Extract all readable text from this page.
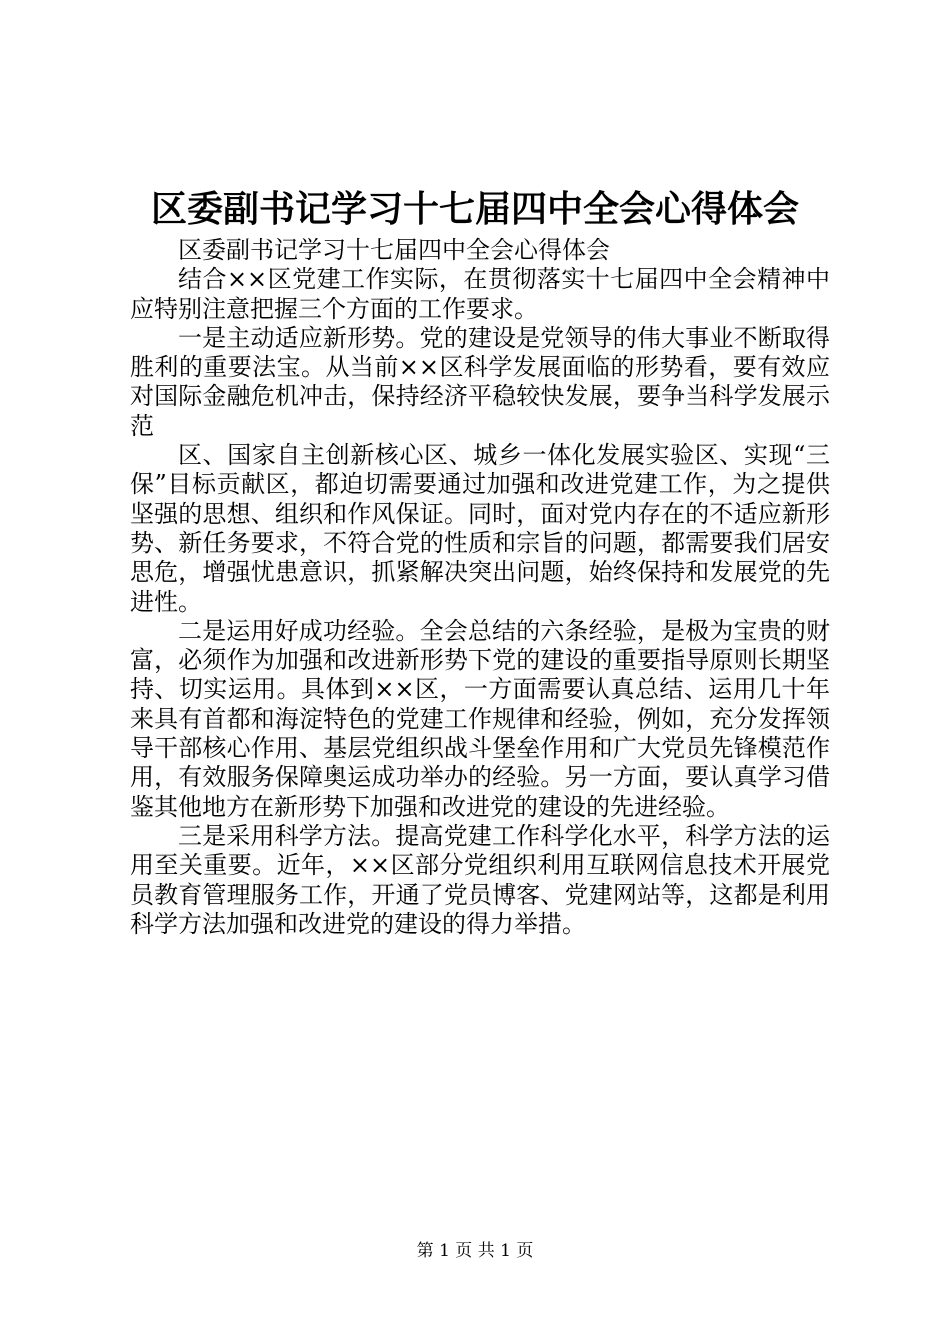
区委副书记学习十七届四中全会心得体会

区委副书记学习十七届四中全会心得体会

结合××区党建工作实际，在贯彻落实十七届四中全会精神中应特别注意把握三个方面的工作要求。

一是主动适应新形势。党的建设是党领导的伟大事业不断取得胜利的重要法宝。从当前××区科学发展面临的形势看，要有效应对国际金融危机冲击，保持经济平稳较快发展，要争当科学发展示范

区、国家自主创新核心区、城乡一体化发展实验区、实现“三保”目标贡献区，都迫切需要通过加强和改进党建工作，为之提供坚强的思想、组织和作风保证。同时，面对党内存在的不适应新形势、新任务要求，不符合党的性质和宗旨的问题，都需要我们居安思危，增强忧患意识，抓紧解决突出问题，始终保持和发展党的先进性。

二是运用好成功经验。全会总结的六条经验，是极为宝贵的财富，必须作为加强和改进新形势下党的建设的重要指导原则长期坚持、切实运用。具体到××区，一方面需要认真总结、运用几十年来具有首都和海淀特色的党建工作规律和经验，例如，充分发挥领导干部核心作用、基层党组织战斗堡垒作用和广大党员先锋模范作用，有效服务保障奥运成功举办的经验。另一方面，要认真学习借鉴其他地方在新形势下加强和改进党的建设的先进经验。

三是采用科学方法。提高党建工作科学化水平，科学方法的运用至关重要。近年，××区部分党组织利用互联网信息技术开展党员教育管理服务工作，开通了党员博客、党建网站等，这都是利用科学方法加强和改进党的建设的得力举措。

第 1 页 共 1 页
